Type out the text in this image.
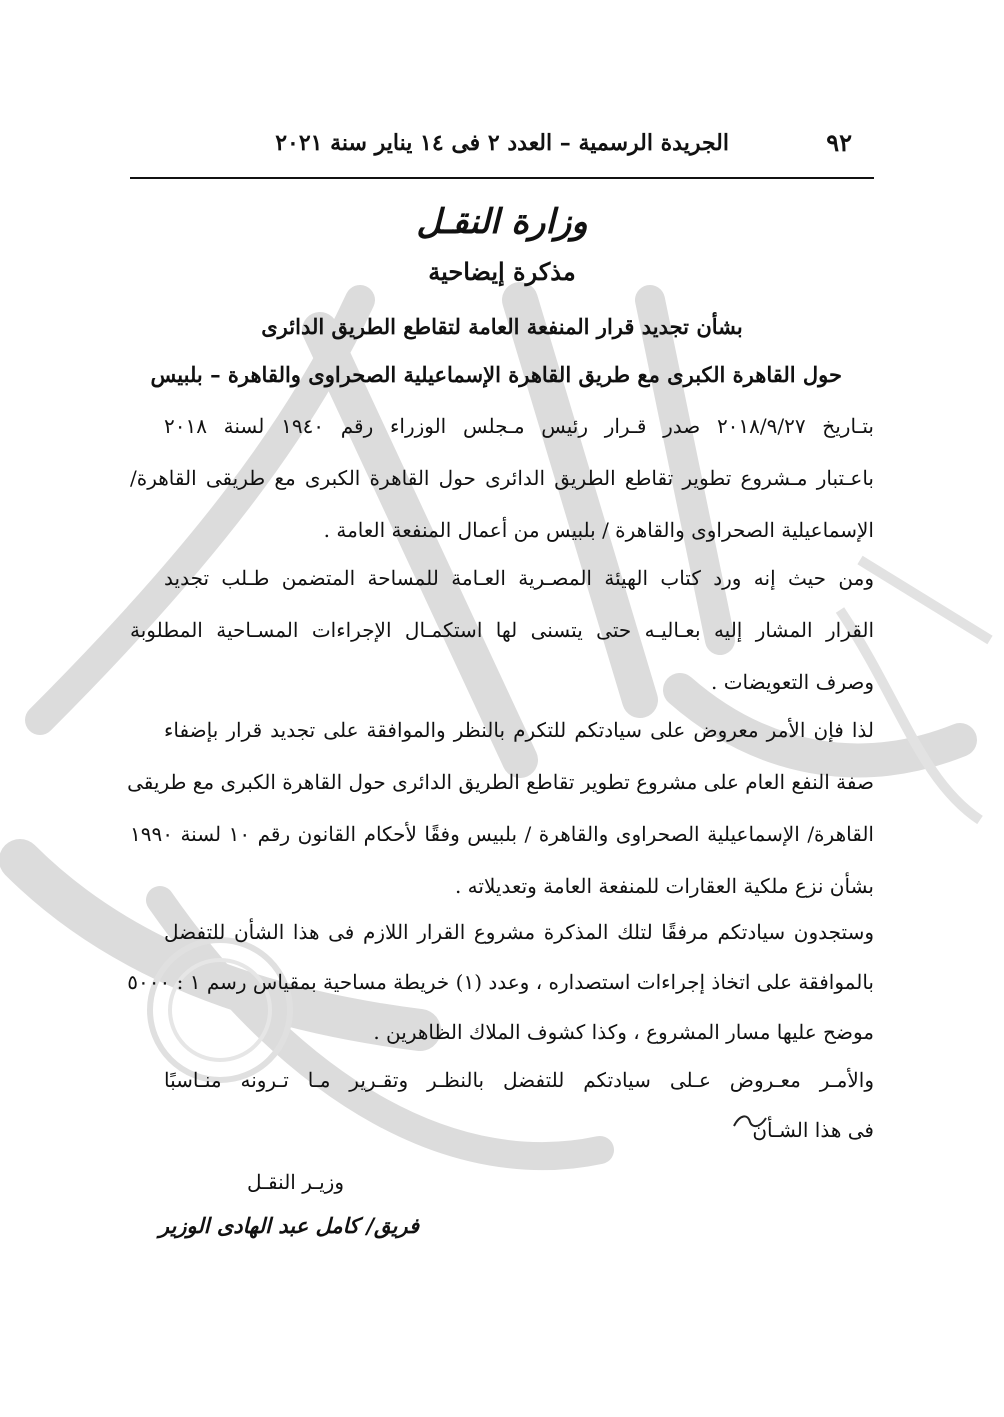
٩٢
الجريدة الرسمية – العدد ٢ فى ١٤ يناير سنة ٢٠٢١
وزارة النقـل
مذكرة إيضاحية
بشأن تجديد قرار المنفعة العامة لتقاطع الطريق الدائرى
حول القاهرة الكبرى مع طريق القاهرة الإسماعيلية الصحراوى والقاهرة – بلبيس
بتـاريخ ٢٠١٨/٩/٢٧ صدر قـرار رئيس مـجلس الوزراء رقم ١٩٤٠ لسنة ٢٠١٨
باعـتبار مـشروع تطوير تقاطع الطريق الدائرى حول القاهرة الكبرى مع طريقى القاهرة/
الإسماعيلية الصحراوى والقاهرة / بلبيس من أعمال المنفعة العامة .
ومن حيث إنه ورد كتاب الهيئة المصـرية العـامة للمساحة المتضمن طـلب تجديد
القرار المشار إليه بعـاليـه حتى يتسنى لها استكمـال الإجراءات المسـاحية المطلوبة
وصرف التعويضات .
لذا فإن الأمر معروض على سيادتكم للتكرم بالنظر والموافقة على تجديد قرار بإضفاء
صفة النفع العام على مشروع تطوير تقاطع الطريق الدائرى حول القاهرة الكبرى مع طريقى
القاهرة/ الإسماعيلية الصحراوى والقاهرة / بلبيس وفقًا لأحكام القانون رقم ١٠ لسنة ١٩٩٠
بشأن نزع ملكية العقارات للمنفعة العامة وتعديلاته .
وستجدون سيادتكم مرفقًا لتلك المذكرة مشروع القرار اللازم فى هذا الشأن للتفضل
بالموافقة على اتخاذ إجراءات استصداره ، وعدد (١) خريطة مساحية بمقياس رسم ١ : ٥٠٠٠
موضح عليها مسار المشروع ، وكذا كشوف الملاك الظاهرين .
والأمـر معـروض عـلى سيادتكم للتفضل بالنظـر وتقـرير مـا تـرونه منـاسبًا
فى هذا الشـأن
وزيـر النقـل
فريق/ كامل عبد الهادى الوزير
